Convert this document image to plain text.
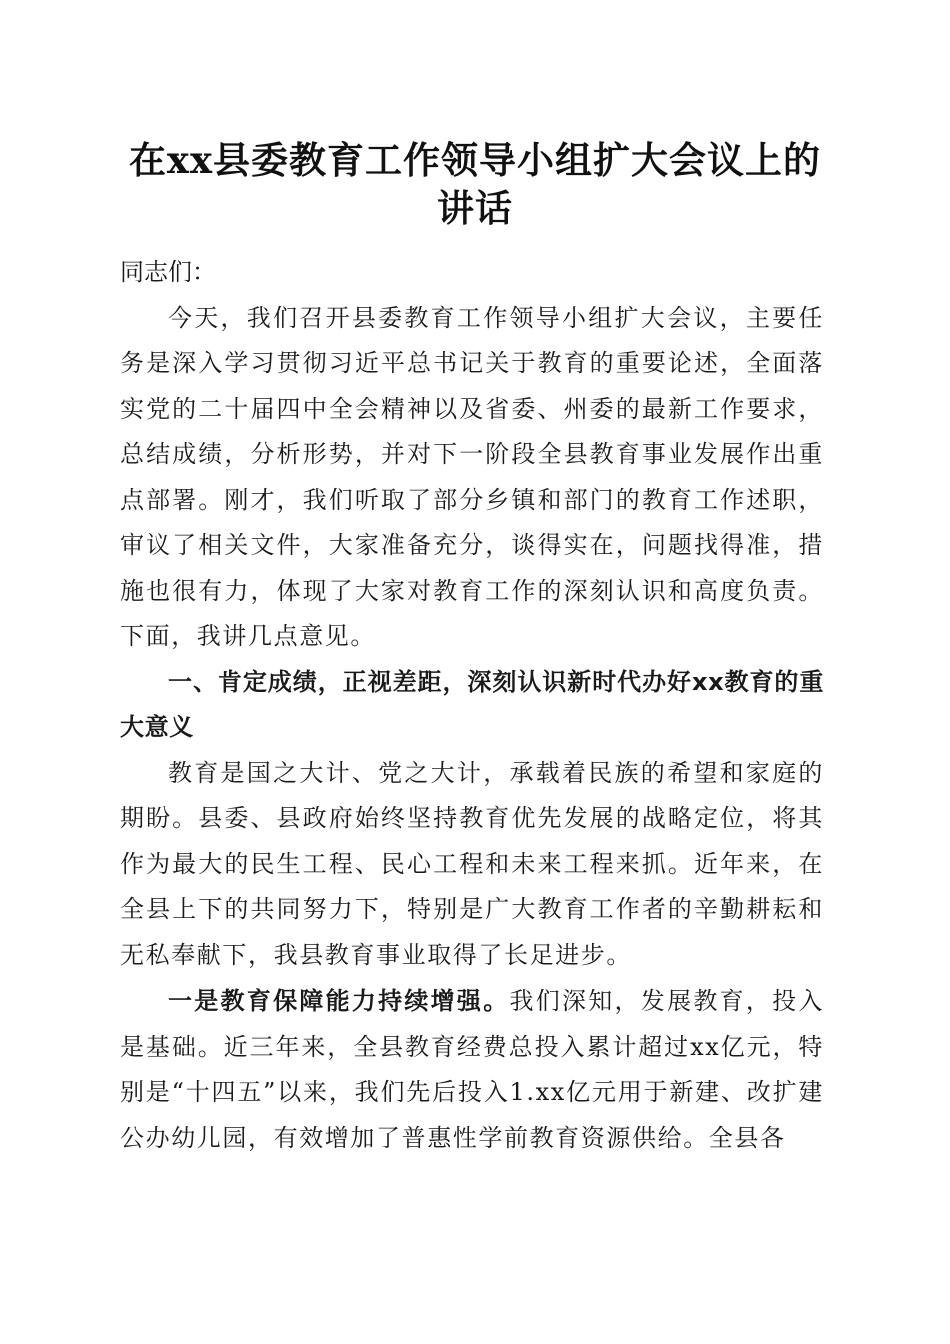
在xx县委教育工作领导小组扩大会议上的讲话

同志们：

今天，我们召开县委教育工作领导小组扩大会议，主要任务是深入学习贯彻习近平总书记关于教育的重要论述，全面落实党的二十届四中全会精神以及省委、州委的最新工作要求，总结成绩，分析形势，并对下一阶段全县教育事业发展作出重点部署。刚才，我们听取了部分乡镇和部门的教育工作述职，审议了相关文件，大家准备充分，谈得实在，问题找得准，措施也很有力，体现了大家对教育工作的深刻认识和高度负责。下面，我讲几点意见。

一、肯定成绩，正视差距，深刻认识新时代办好xx教育的重大意义

教育是国之大计、党之大计，承载着民族的希望和家庭的期盼。县委、县政府始终坚持教育优先发展的战略定位，将其作为最大的民生工程、民心工程和未来工程来抓。近年来，在全县上下的共同努力下，特别是广大教育工作者的辛勤耕耘和无私奉献下，我县教育事业取得了长足进步。

一是教育保障能力持续增强。我们深知，发展教育，投入是基础。近三年来，全县教育经费总投入累计超过xx亿元，特别是“十四五”以来，我们先后投入1.xx亿元用于新建、改扩建公办幼儿园，有效增加了普惠性学前教育资源供给。全县各
